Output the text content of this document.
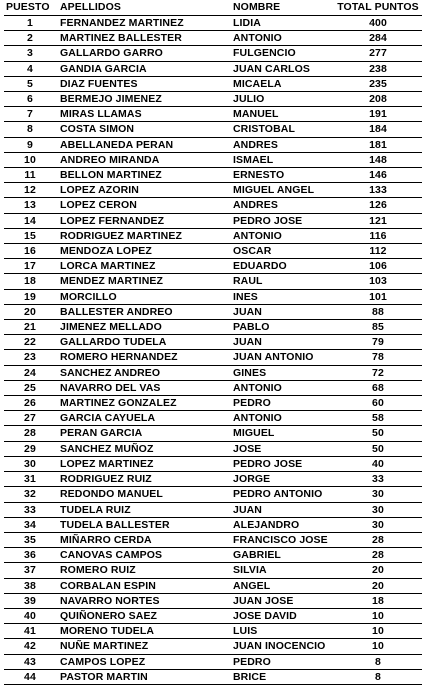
PUESTO	APELLIDOS	NOMBRE	TOTAL PUNTOS
1	FERNANDEZ MARTINEZ	LIDIA	400
2	MARTINEZ BALLESTER	ANTONIO	284
3	GALLARDO GARRO	FULGENCIO	277
4	GANDIA GARCIA	JUAN CARLOS	238
5	DIAZ FUENTES	MICAELA	235
6	BERMEJO JIMENEZ	JULIO	208
7	MIRAS LLAMAS	MANUEL	191
8	COSTA SIMON	CRISTOBAL	184
9	ABELLANEDA PERAN	ANDRES	181
10	ANDREO MIRANDA	ISMAEL	148
11	BELLON MARTINEZ	ERNESTO	146
12	LOPEZ AZORIN	MIGUEL ANGEL	133
13	LOPEZ CERON	ANDRES	126
14	LOPEZ FERNANDEZ	PEDRO JOSE	121
15	RODRIGUEZ MARTINEZ	ANTONIO	116
16	MENDOZA LOPEZ	OSCAR	112
17	LORCA MARTINEZ	EDUARDO	106
18	MENDEZ MARTINEZ	RAUL	103
19	MORCILLO	INES	101
20	BALLESTER ANDREO	JUAN	88
21	JIMENEZ MELLADO	PABLO	85
22	GALLARDO TUDELA	JUAN	79
23	ROMERO HERNANDEZ	JUAN ANTONIO	78
24	SANCHEZ ANDREO	GINES	72
25	NAVARRO DEL VAS	ANTONIO	68
26	MARTINEZ GONZALEZ	PEDRO	60
27	GARCIA CAYUELA	ANTONIO	58
28	PERAN GARCIA	MIGUEL	50
29	SANCHEZ MUÑOZ	JOSE	50
30	LOPEZ MARTINEZ	PEDRO JOSE	40
31	RODRIGUEZ RUIZ	JORGE	33
32	REDONDO MANUEL	PEDRO ANTONIO	30
33	TUDELA RUIZ	JUAN	30
34	TUDELA BALLESTER	ALEJANDRO	30
35	MIÑARRO CERDA	FRANCISCO JOSE	28
36	CANOVAS CAMPOS	GABRIEL	28
37	ROMERO RUIZ	SILVIA	20
38	CORBALAN ESPIN	ANGEL	20
39	NAVARRO NORTES	JUAN JOSE	18
40	QUIÑONERO SAEZ	JOSE DAVID	10
41	MORENO TUDELA	LUIS	10
42	NUÑE MARTINEZ	JUAN INOCENCIO	10
43	CAMPOS LOPEZ	PEDRO	8
44	PASTOR MARTIN	BRICE	8
